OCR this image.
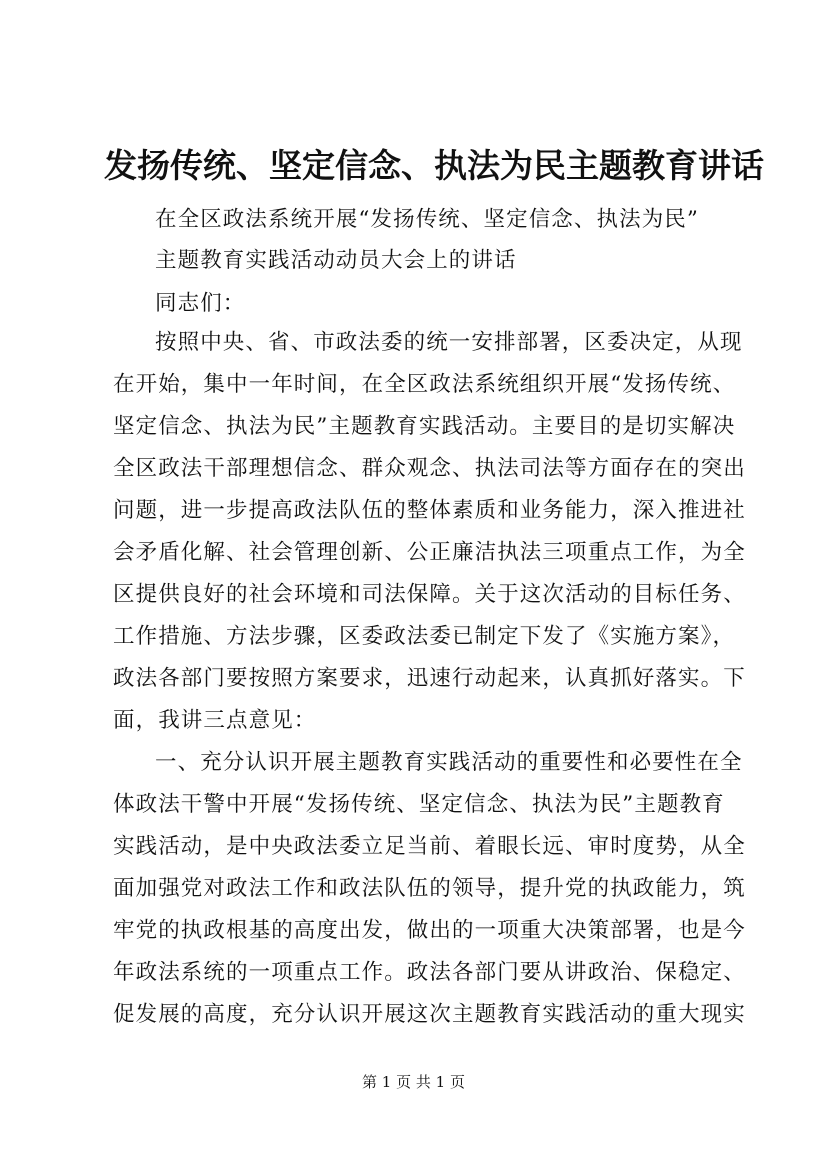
发扬传统、坚定信念、执法为民主题教育讲话
在全区政法系统开展“发扬传统、坚定信念、执法为民”
主题教育实践活动动员大会上的讲话
同志们：
按照中央、省、市政法委的统一安排部署，区委决定，从现
在开始，集中一年时间，在全区政法系统组织开展“发扬传统、
坚定信念、执法为民”主题教育实践活动。主要目的是切实解决
全区政法干部理想信念、群众观念、执法司法等方面存在的突出
问题，进一步提高政法队伍的整体素质和业务能力，深入推进社
会矛盾化解、社会管理创新、公正廉洁执法三项重点工作，为全
区提供良好的社会环境和司法保障。关于这次活动的目标任务、
工作措施、方法步骤，区委政法委已制定下发了《实施方案》，
政法各部门要按照方案要求，迅速行动起来，认真抓好落实。下
面，我讲三点意见：
一、充分认识开展主题教育实践活动的重要性和必要性在全
体政法干警中开展“发扬传统、坚定信念、执法为民”主题教育
实践活动，是中央政法委立足当前、着眼长远、审时度势，从全
面加强党对政法工作和政法队伍的领导，提升党的执政能力，筑
牢党的执政根基的高度出发，做出的一项重大决策部署，也是今
年政法系统的一项重点工作。政法各部门要从讲政治、保稳定、
促发展的高度，充分认识开展这次主题教育实践活动的重大现实
第 1 页 共 1 页
